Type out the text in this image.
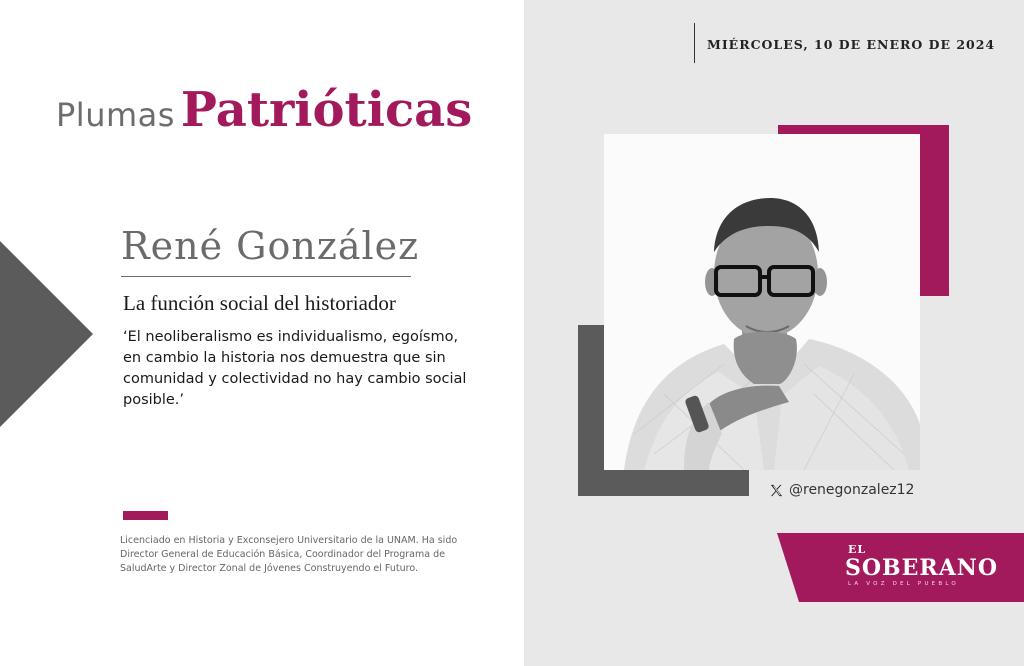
Plumas Patrióticas
René González
La función social del historiador
‘El neoliberalismo es individualismo, egoísmo, en cambio la historia nos demuestra que sin comunidad y colectividad no hay cambio social posible.’
Licenciado en Historia y Exconsejero Universitario de la UNAM. Ha sido Director General de Educación Básica, Coordinador del Programa de SaludArte y Director Zonal de Jóvenes Construyendo el Futuro.
MIÉRCOLES, 10 DE ENERO DE 2024
@renegonzalez12
EL
SOBERANO
LA VOZ DEL PUEBLO
